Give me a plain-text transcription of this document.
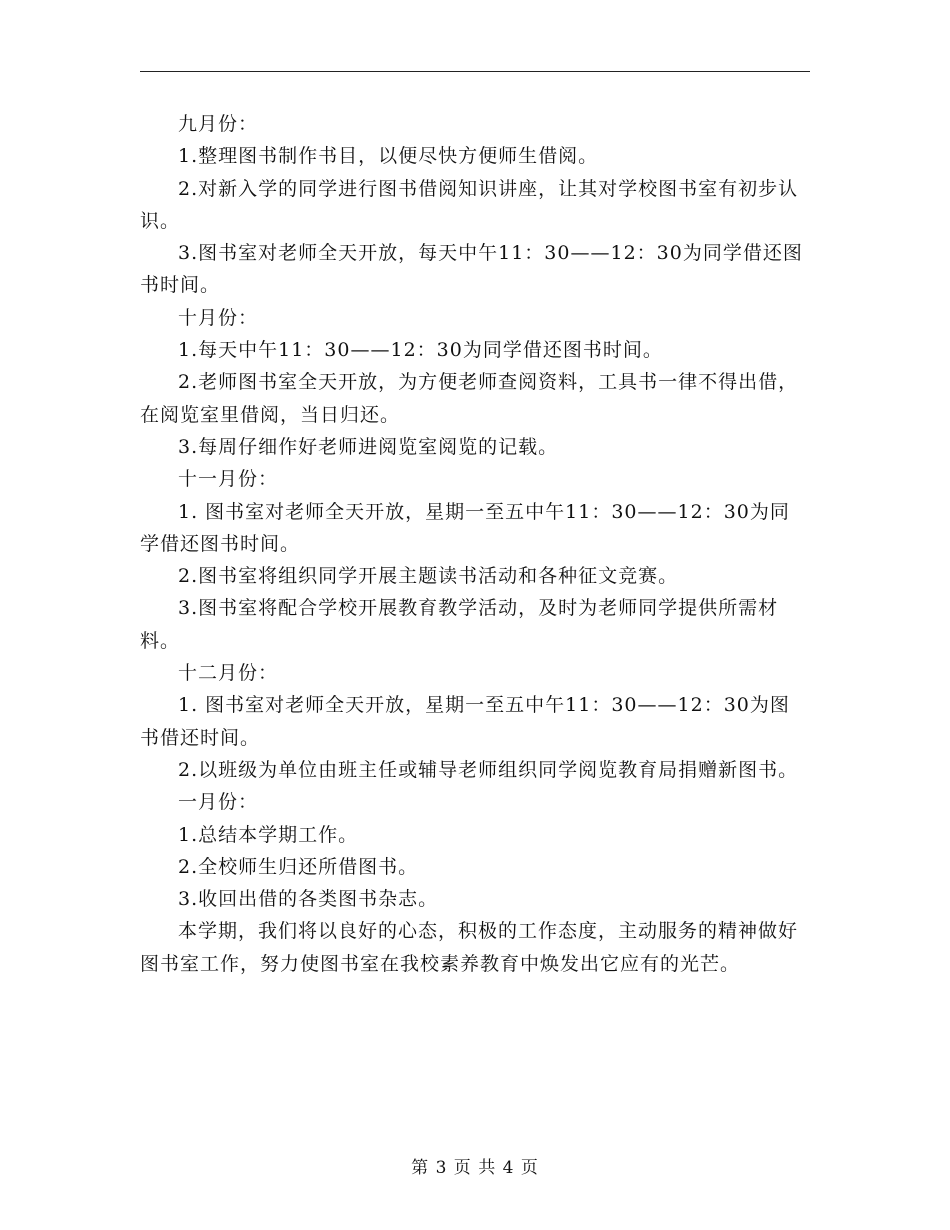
九月份：

1.整理图书制作书目，以便尽快方便师生借阅。

2.对新入学的同学进行图书借阅知识讲座，让其对学校图书室有初步认识。

3.图书室对老师全天开放，每天中午11：30——12：30为同学借还图书时间。

十月份：

1.每天中午11：30——12：30为同学借还图书时间。

2.老师图书室全天开放，为方便老师查阅资料，工具书一律不得出借，在阅览室里借阅，当日归还。

3.每周仔细作好老师进阅览室阅览的记载。

十一月份：

1. 图书室对老师全天开放，星期一至五中午11：30——12：30为同学借还图书时间。

2.图书室将组织同学开展主题读书活动和各种征文竞赛。

3.图书室将配合学校开展教育教学活动，及时为老师同学提供所需材料。

十二月份：

1. 图书室对老师全天开放，星期一至五中午11：30——12：30为图书借还时间。

2.以班级为单位由班主任或辅导老师组织同学阅览教育局捐赠新图书。

一月份：

1.总结本学期工作。

2.全校师生归还所借图书。

3.收回出借的各类图书杂志。

本学期，我们将以良好的心态，积极的工作态度，主动服务的精神做好图书室工作，努力使图书室在我校素养教育中焕发出它应有的光芒。

第 3 页 共 4 页
